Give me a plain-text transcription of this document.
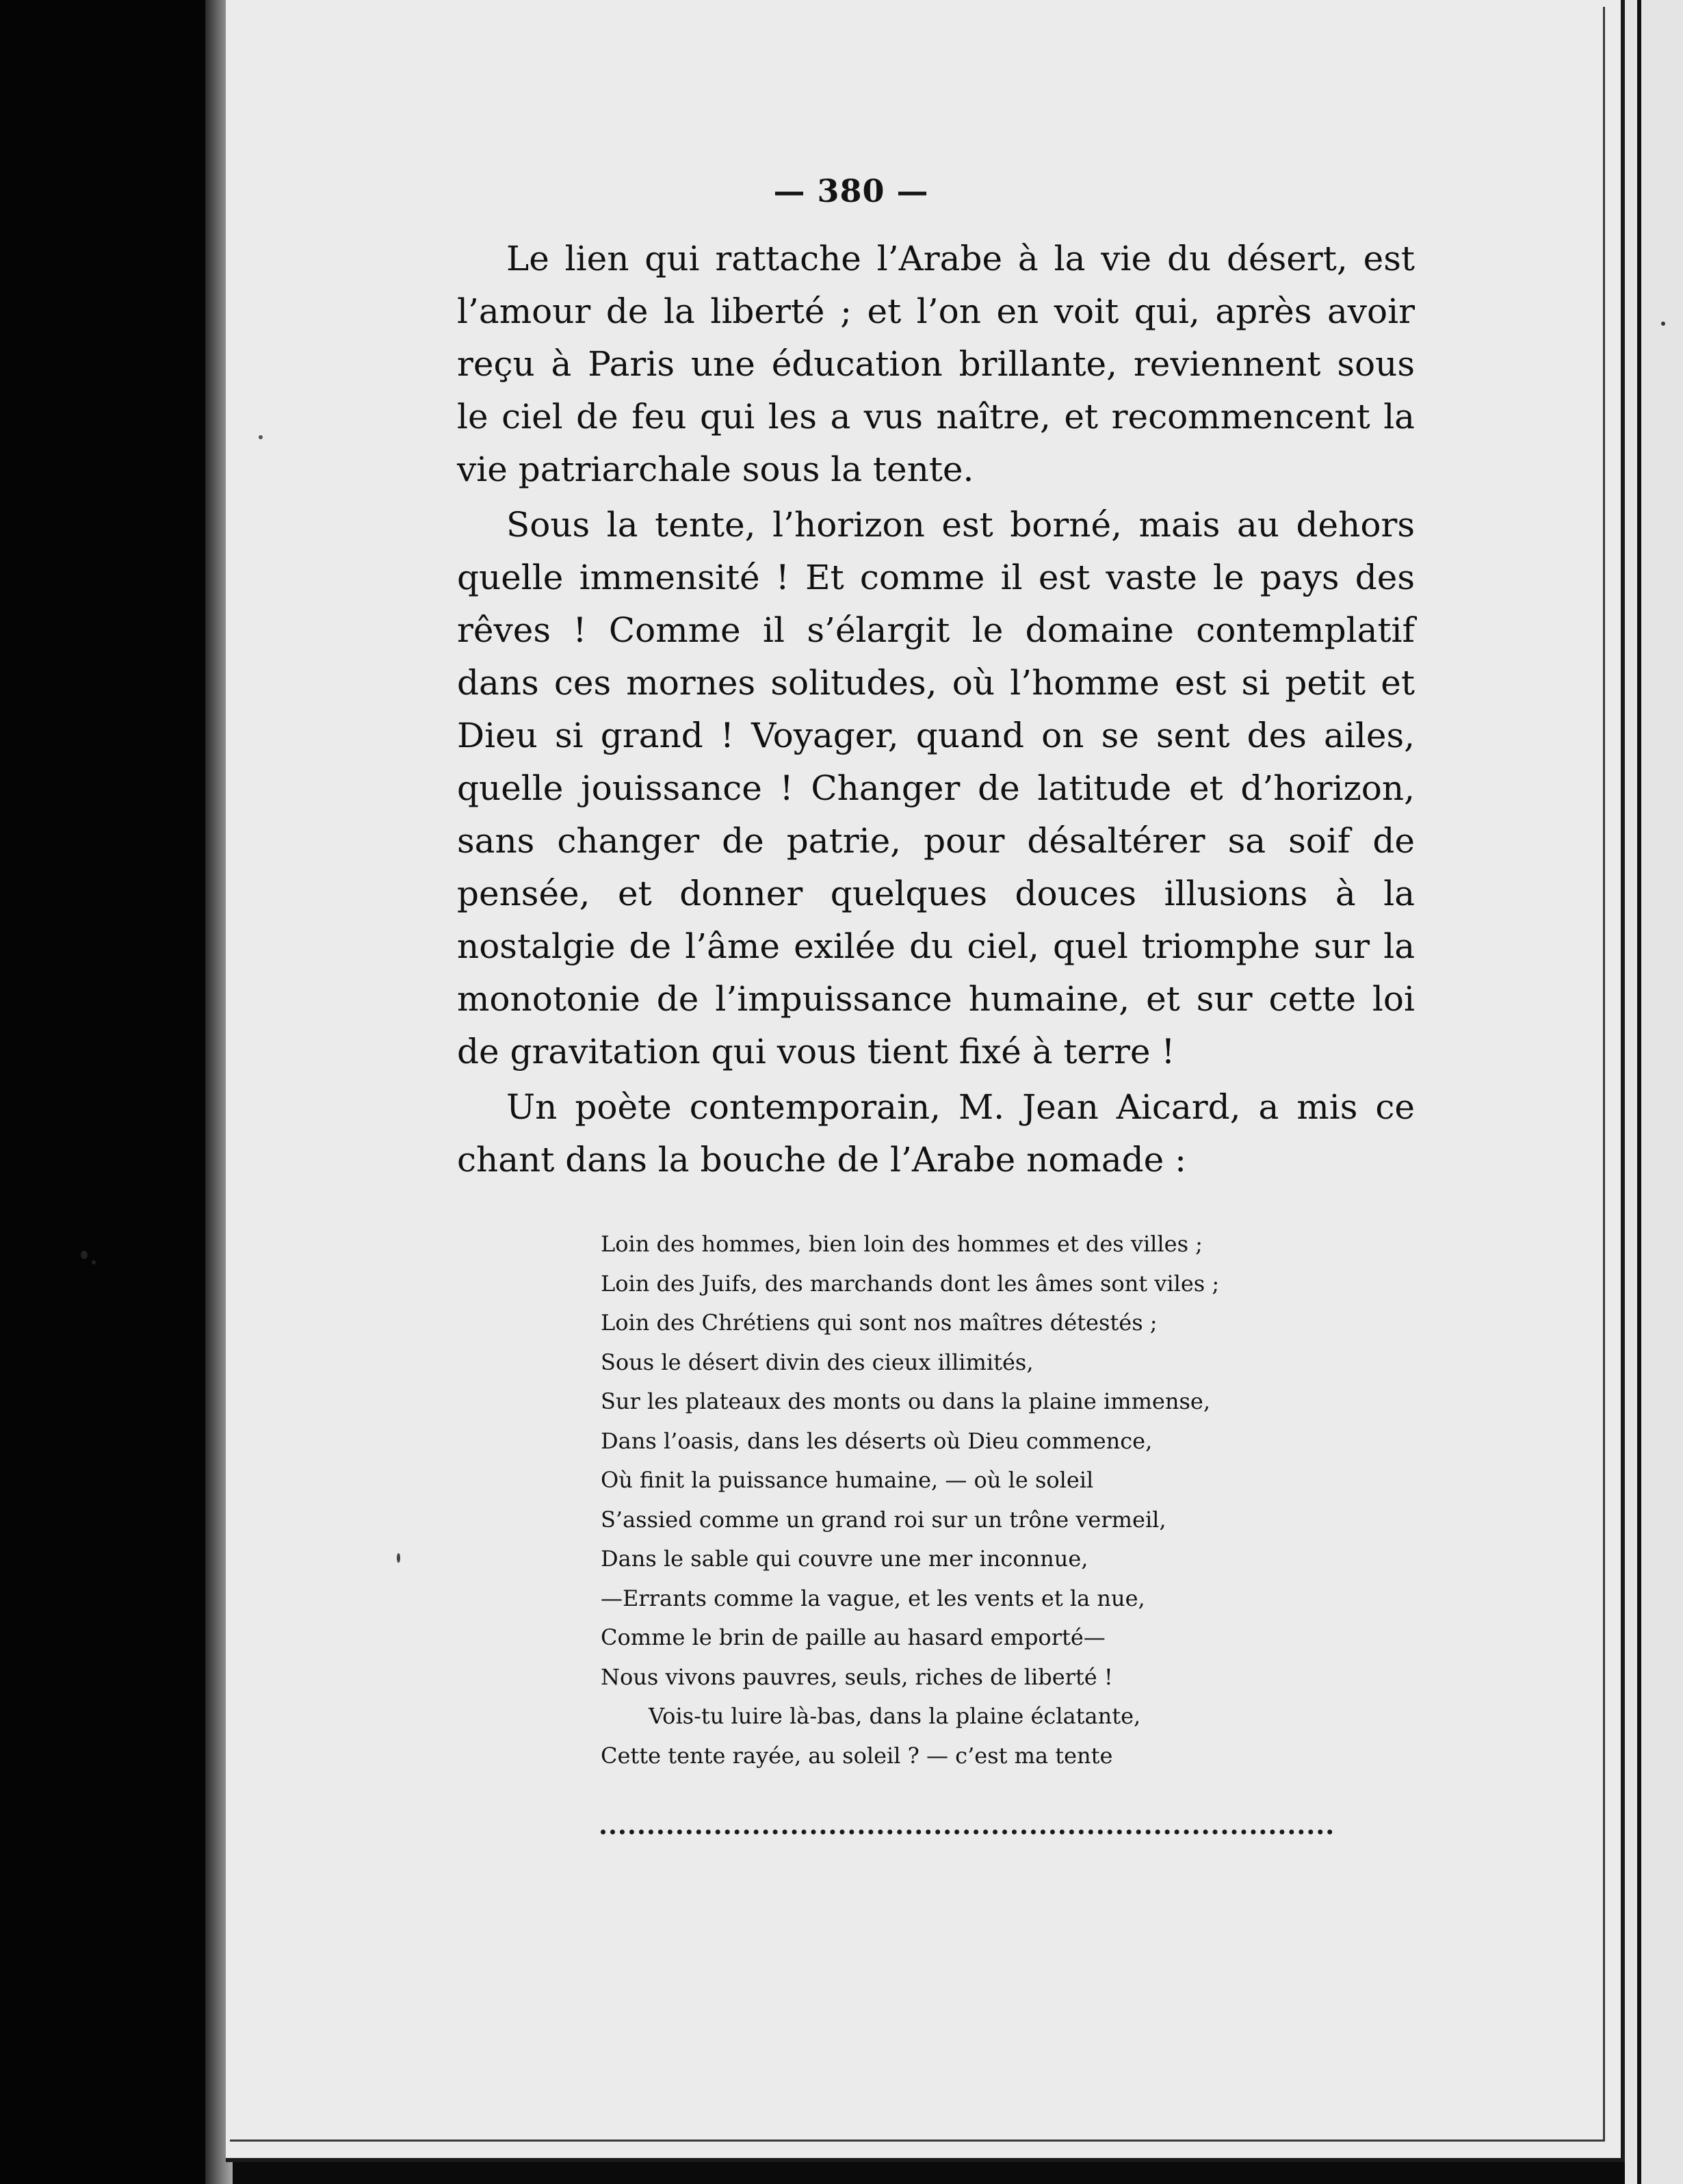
— 380 —

Le lien qui rattache l’Arabe à la vie du désert, est l’amour de la liberté ; et l’on en voit qui, après avoir reçu à Paris une éducation brillante, reviennent sous le ciel de feu qui les a vus naître, et recommencent la vie patriarchale sous la tente.

Sous la tente, l’horizon est borné, mais au dehors quelle immensité ! Et comme il est vaste le pays des rêves ! Comme il s’élargit le domaine contemplatif dans ces mornes solitudes, où l’homme est si petit et Dieu si grand ! Voyager, quand on se sent des ailes, quelle jouissance ! Changer de latitude et d’horizon, sans changer de patrie, pour désaltérer sa soif de pensée, et donner quelques douces illusions à la nostalgie de l’âme exilée du ciel, quel triomphe sur la monotonie de l’impuissance humaine, et sur cette loi de gravitation qui vous tient fixé à terre !

Un poète contemporain, M. Jean Aicard, a mis ce chant dans la bouche de l’Arabe nomade :

Loin des hommes, bien loin des hommes et des villes ;
Loin des Juifs, des marchands dont les âmes sont viles ;
Loin des Chrétiens qui sont nos maîtres détestés ;
Sous le désert divin des cieux illimités,
Sur les plateaux des monts ou dans la plaine immense,
Dans l’oasis, dans les déserts où Dieu commence,
Où finit la puissance humaine, — où le soleil
S’assied comme un grand roi sur un trône vermeil,
Dans le sable qui couvre une mer inconnue,
—Errants comme la vague, et les vents et la nue,
Comme le brin de paille au hasard emporté—
Nous vivons pauvres, seuls, riches de liberté !
Vois-tu luire là-bas, dans la plaine éclatante,
Cette tente rayée, au soleil ? — c’est ma tente
